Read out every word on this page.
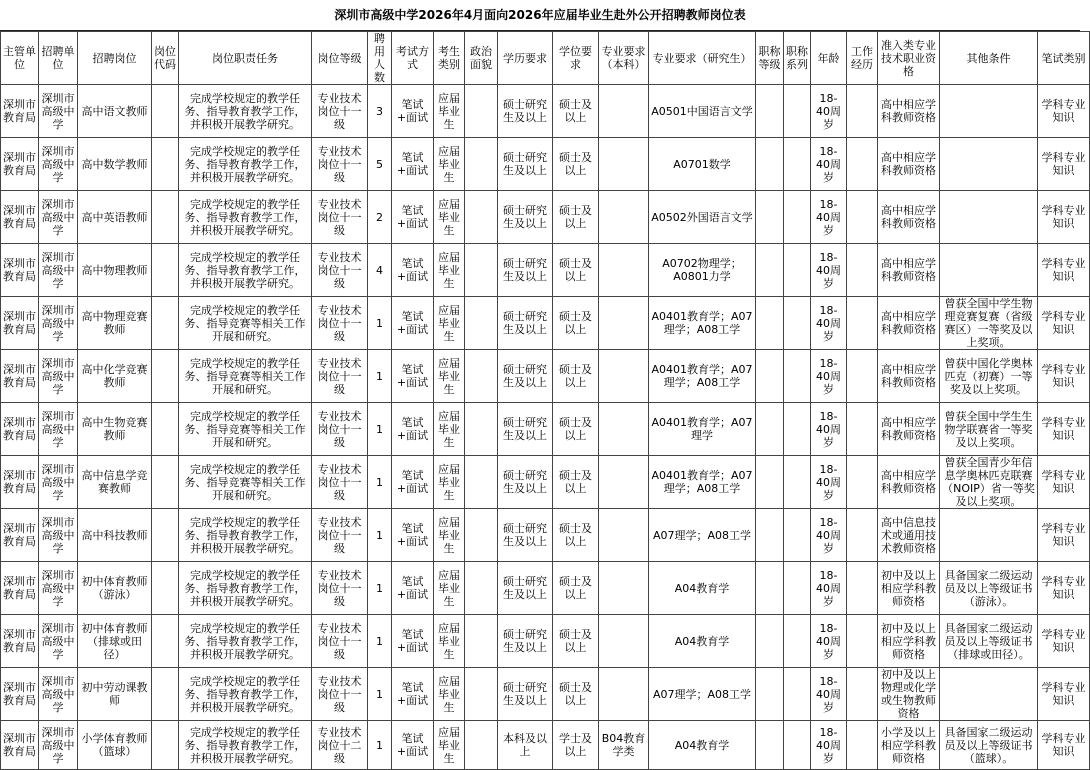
深圳市高级中学2026年4月面向2026年应届毕业生赴外公开招聘教师岗位表
主管单位	招聘单位	招聘岗位	岗位代码	岗位职责任务	岗位等级	聘用人数	考试方式	考生类别	政治面貌	学历要求	学位要求	专业要求（本科）	专业要求（研究生）	职称等级	职称系列	年龄	工作经历	准入类专业技术职业资格	其他条件	笔试类别

深圳市教育局	深圳市高级中学	高中语文教师		完成学校规定的教学任务、指导教育教学工作，并积极开展教学研究。	专业技术岗位十一级	3	笔试+面试	应届毕业生		硕士研究生及以上	硕士及以上		A0501中国语言文学			18-40周岁		高中相应学科教师资格		学科专业知识

深圳市教育局	深圳市高级中学	高中数学教师		完成学校规定的教学任务、指导教育教学工作，并积极开展教学研究。	专业技术岗位十一级	5	笔试+面试	应届毕业生		硕士研究生及以上	硕士及以上		A0701数学			18-40周岁		高中相应学科教师资格		学科专业知识

深圳市教育局	深圳市高级中学	高中英语教师		完成学校规定的教学任务、指导教育教学工作，并积极开展教学研究。	专业技术岗位十一级	2	笔试+面试	应届毕业生		硕士研究生及以上	硕士及以上		A0502外国语言文学			18-40周岁		高中相应学科教师资格		学科专业知识

深圳市教育局	深圳市高级中学	高中物理教师		完成学校规定的教学任务、指导教育教学工作，并积极开展教学研究。	专业技术岗位十一级	4	笔试+面试	应届毕业生		硕士研究生及以上	硕士及以上		A0702物理学；A0801力学			18-40周岁		高中相应学科教师资格		学科专业知识

深圳市教育局	深圳市高级中学	高中物理竞赛教师		完成学校规定的教学任务、指导竞赛等相关工作开展和研究。	专业技术岗位十一级	1	笔试+面试	应届毕业生		硕士研究生及以上	硕士及以上		A0401教育学；A07理学；A08工学			18-40周岁		高中相应学科教师资格	曾获全国中学生物理竞赛复赛（省级赛区）一等奖及以上奖项。	学科专业知识

深圳市教育局	深圳市高级中学	高中化学竞赛教师		完成学校规定的教学任务、指导竞赛等相关工作开展和研究。	专业技术岗位十一级	1	笔试+面试	应届毕业生		硕士研究生及以上	硕士及以上		A0401教育学；A07理学；A08工学			18-40周岁		高中相应学科教师资格	曾获中国化学奥林匹克（初赛）一等奖及以上奖项。	学科专业知识

深圳市教育局	深圳市高级中学	高中生物竞赛教师		完成学校规定的教学任务、指导竞赛等相关工作开展和研究。	专业技术岗位十一级	1	笔试+面试	应届毕业生		硕士研究生及以上	硕士及以上		A0401教育学；A07理学			18-40周岁		高中相应学科教师资格	曾获全国中学生生物学联赛省一等奖及以上奖项。	学科专业知识

深圳市教育局	深圳市高级中学	高中信息学竞赛教师		完成学校规定的教学任务、指导竞赛等相关工作开展和研究。	专业技术岗位十一级	1	笔试+面试	应届毕业生		硕士研究生及以上	硕士及以上		A0401教育学；A07理学；A08工学			18-40周岁		高中相应学科教师资格	曾获全国青少年信息学奥林匹克联赛（NOIP）省一等奖及以上奖项。	学科专业知识

深圳市教育局	深圳市高级中学	高中科技教师		完成学校规定的教学任务、指导教育教学工作，并积极开展教学研究。	专业技术岗位十一级	1	笔试+面试	应届毕业生		硕士研究生及以上	硕士及以上		A07理学；A08工学			18-40周岁		高中信息技术或通用技术教师资格		学科专业知识

深圳市教育局	深圳市高级中学	初中体育教师（游泳）		完成学校规定的教学任务、指导教育教学工作，并积极开展教学研究。	专业技术岗位十一级	1	笔试+面试	应届毕业生		硕士研究生及以上	硕士及以上		A04教育学			18-40周岁		初中及以上相应学科教师资格	具备国家二级运动员及以上等级证书（游泳）。	学科专业知识

深圳市教育局	深圳市高级中学	初中体育教师（排球或田径）		完成学校规定的教学任务、指导教育教学工作，并积极开展教学研究。	专业技术岗位十一级	1	笔试+面试	应届毕业生		硕士研究生及以上	硕士及以上		A04教育学			18-40周岁		初中及以上相应学科教师资格	具备国家二级运动员及以上等级证书（排球或田径）。	学科专业知识

深圳市教育局	深圳市高级中学	初中劳动课教师		完成学校规定的教学任务、指导教育教学工作，并积极开展教学研究。	专业技术岗位十一级	1	笔试+面试	应届毕业生		硕士研究生及以上	硕士及以上		A07理学；A08工学			18-40周岁		初中及以上物理或化学或生物教师资格		学科专业知识

深圳市教育局	深圳市高级中学	小学体育教师（篮球）		完成学校规定的教学任务、指导教育教学工作，并积极开展教学研究。	专业技术岗位十二级	1	笔试+面试	应届毕业生		本科及以上	学士及以上	B04教育学类	A04教育学			18-40周岁		小学及以上相应学科教师资格	具备国家二级运动员及以上等级证书（篮球）。	学科专业知识
